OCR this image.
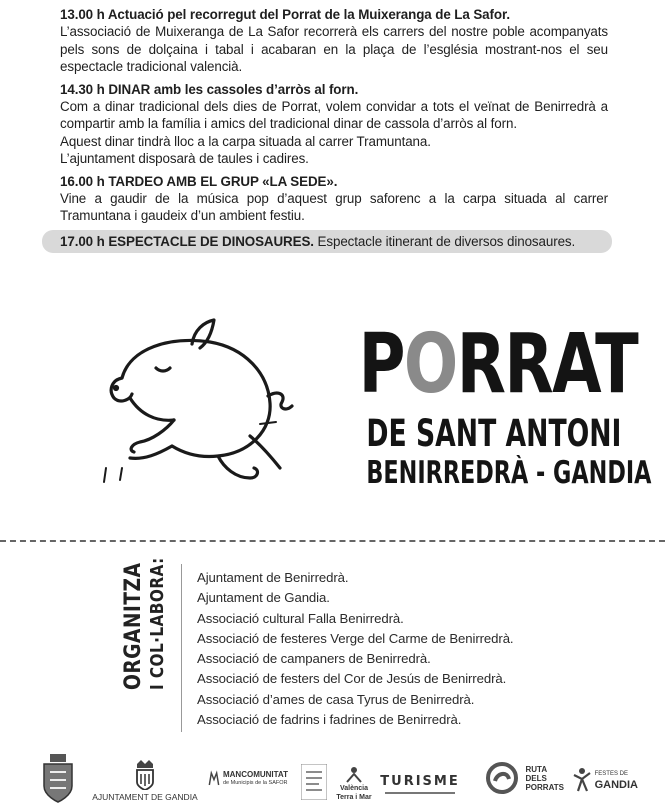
13.00 h Actuació pel recorregut del Porrat de la Muixeranga de La Safor.

L’associació de Muixeranga de La Safor recorrerà els carrers del nostre poble acompanyats pels sons de dolçaina i tabal i acabaran en la plaça de l’església mostrant-nos el seu espectacle tradicional valencià.

14.30 h DINAR amb les cassoles d’arròs al forn.

Com a dinar tradicional dels dies de Porrat, volem convidar a tots el veïnat de Benirredrà a compartir amb la família i amics del tradicional dinar de cassola d’arròs al forn.

Aquest dinar tindrà lloc a la carpa situada al carrer Tramuntana.

L’ajuntament disposarà de taules i cadires.

16.00 h TARDEO AMB EL GRUP «LA SEDE».

Vine a gaudir de la música pop d’aquest grup saforenc a la carpa situada al carrer Tramuntana i gaudeix d’un ambient festiu.

17.00 h ESPECTACLE DE DINOSAURES. Espectacle itinerant de diversos dinosaures.
PORRAT
DE SANT ANTONI
BENIRREDRÀ - GANDIA
ORGANITZA I COL·LABORA: Ajuntament de Benirredrà.
Ajuntament de Gandia.
Associació cultural Falla Benirredrà.
Associació de festeres Verge del Carme de Benirredrà.
Associació de campaners de Benirredrà.
Associació de festers del Cor de Jesús de Benirredrà.
Associació d’ames de casa Tyrus de Benirredrà.
Associació de fadrins i fadrines de Benirredrà.
AJUNTAMENT DE GANDIA
MANCOMUNITAT
de Municipis de la SAFOR
València
Terra i Mar
TURISME
RUTA
DELS
PORRATS
FESTES DE
GANDIA
